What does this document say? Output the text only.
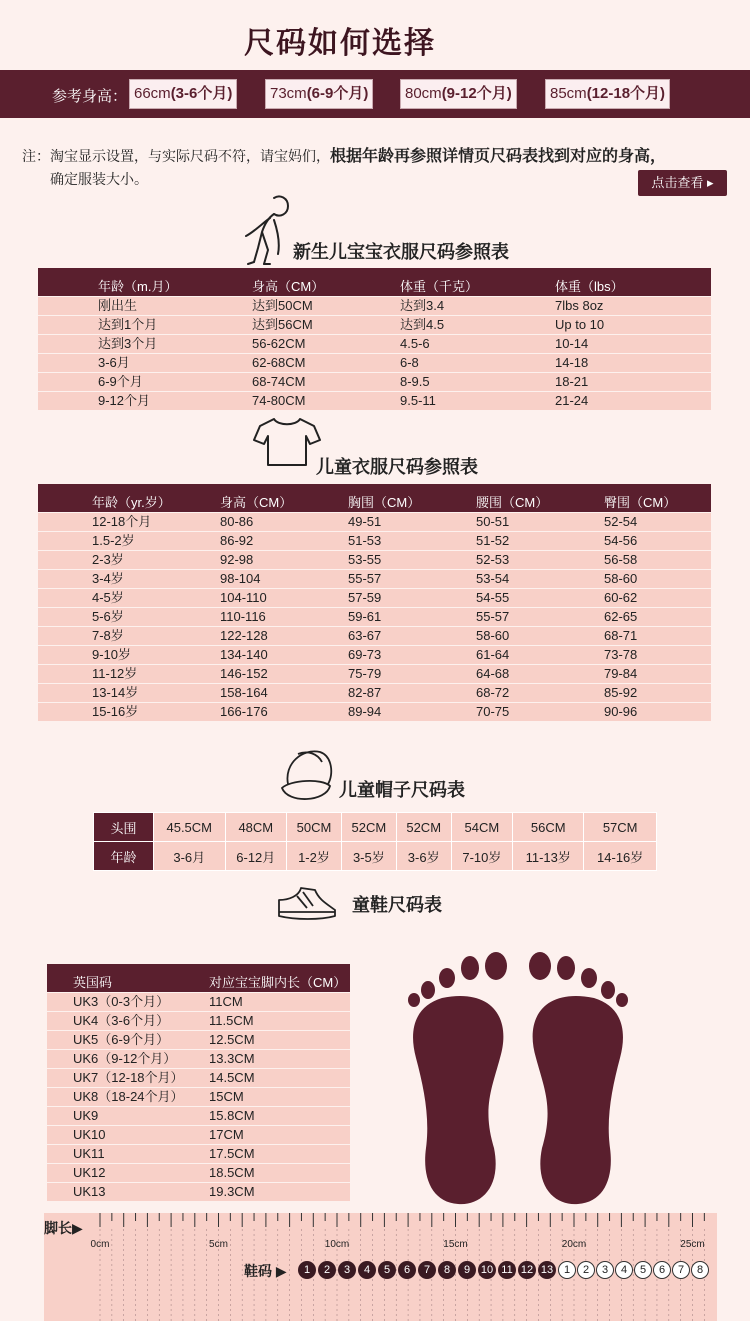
尺码如何选择
参考身高： 66cm(3-6个月)	73cm(6-9个月)	80cm(9-12个月)	85cm(12-18个月)
注：淘宝显示设置，与实际尺码不符，请宝妈们，根据年龄再参照详情页尺码表找到对应的身高，
确定服装大小。	点击查看 ▸
新生儿宝宝衣服尺码参照表
	年龄（m.月）	身高（CM）	体重（千克）	体重（lbs）
	刚出生	达到50CM	达到3.4	7lbs 8oz
	达到1个月	达到56CM	达到4.5	Up to 10
	达到3个月	56-62CM	4.5-6	10-14
	3-6月	62-68CM	6-8	14-18
	6-9个月	68-74CM	8-9.5	18-21
	9-12个月	74-80CM	9.5-11	21-24
儿童衣服尺码参照表
	年龄（yr.岁）	身高（CM）	胸围（CM）	腰围（CM）	臀围（CM）
	12-18个月	80-86	49-51	50-51	52-54
	1.5-2岁	86-92	51-53	51-52	54-56
	2-3岁	92-98	53-55	52-53	56-58
	3-4岁	98-104	55-57	53-54	58-60
	4-5岁	104-110	57-59	54-55	60-62
	5-6岁	110-116	59-61	55-57	62-65
	7-8岁	122-128	63-67	58-60	68-71
	9-10岁	134-140	69-73	61-64	73-78
	11-12岁	146-152	75-79	64-68	79-84
	13-14岁	158-164	82-87	68-72	85-92
	15-16岁	166-176	89-94	70-75	90-96
儿童帽子尺码表
头围	45.5CM	48CM	50CM	52CM	52CM	54CM	56CM	57CM
年龄	3-6月	6-12月	1-2岁	3-5岁	3-6岁	7-10岁	11-13岁	14-16岁
童鞋尺码表
	英国码	对应宝宝脚内长（CM）
	UK3（0-3个月）	11CM
	UK4（3-6个月）	11.5CM
	UK5（6-9个月）	12.5CM
	UK6（9-12个月）	13.3CM
	UK7（12-18个月）	14.5CM
	UK8（18-24个月）	15CM
	UK9	15.8CM
	UK10	17CM
	UK11	17.5CM
	UK12	18.5CM
	UK13	19.3CM
0cm	5cm	10cm	15cm	20cm	25cm
脚长▶
鞋码 ▶	1	2	3	4	5	6	7	8	9 10 11 12 13 1	2	3	4	5	6	7	8
